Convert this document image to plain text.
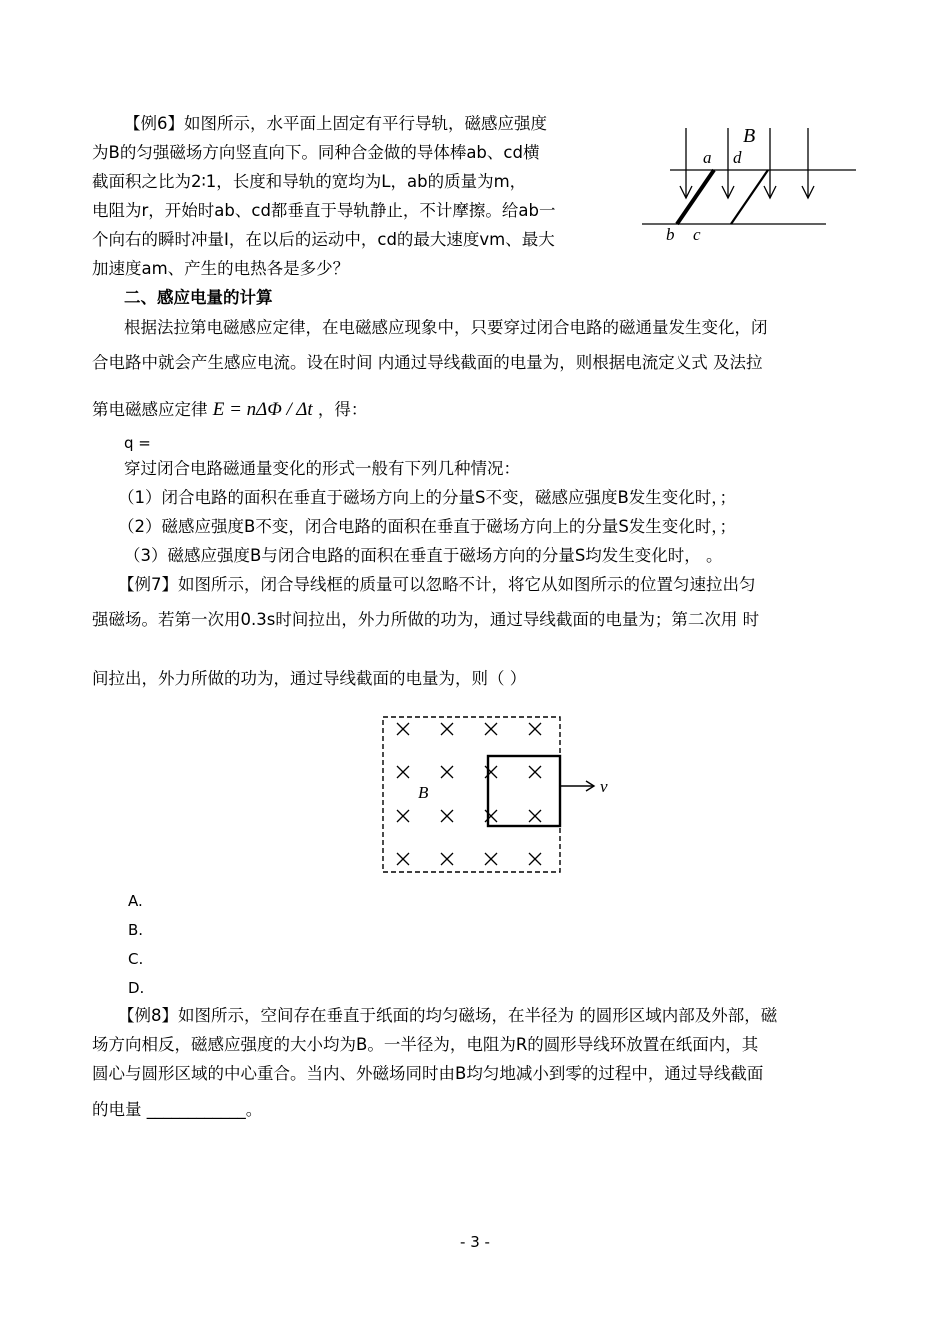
【例6】如图所示，水平面上固定有平行导轨，磁感应强度
为B的匀强磁场方向竖直向下。同种合金做的导体棒ab、cd横
截面积之比为2∶1，长度和导轨的宽均为L，ab的质量为m，
电阻为r，开始时ab、cd都垂直于导轨静止，不计摩擦。给ab一
个向右的瞬时冲量I，在以后的运动中，cd的最大速度vm、最大
加速度am、产生的电热各是多少？
B
a d
b c
二、感应电量的计算
根据法拉第电磁感应定律，在电磁感应现象中，只要穿过闭合电路的磁通量发生变化，闭
合电路中就会产生感应电流。设在时间 内通过导线截面的电量为，则根据电流定义式 及法拉
第电磁感应定律 E = nΔΦ / Δt ，得：
q =
穿过闭合电路磁通量变化的形式一般有下列几种情况：
（1）闭合电路的面积在垂直于磁场方向上的分量S不变，磁感应强度B发生变化时，；
（2）磁感应强度B不变，闭合电路的面积在垂直于磁场方向上的分量S发生变化时，；
（3）磁感应强度B与闭合电路的面积在垂直于磁场方向的分量S均发生变化时， 。
【例7】如图所示，闭合导线框的质量可以忽略不计，将它从如图所示的位置匀速拉出匀
强磁场。若第一次用0.3s时间拉出，外力所做的功为，通过导线截面的电量为；第二次用 时
间拉出，外力所做的功为，通过导线截面的电量为，则（ ）
v
B
A.
B.
C.
D.
【例8】如图所示，空间存在垂直于纸面的均匀磁场，在半径为 的圆形区域内部及外部，磁
场方向相反，磁感应强度的大小均为B。一半径为，电阻为R的圆形导线环放置在纸面内，其
圆心与圆形区域的中心重合。当内、外磁场同时由B均匀地减小到零的过程中，通过导线截面
的电量 ____________。
- 3 -
